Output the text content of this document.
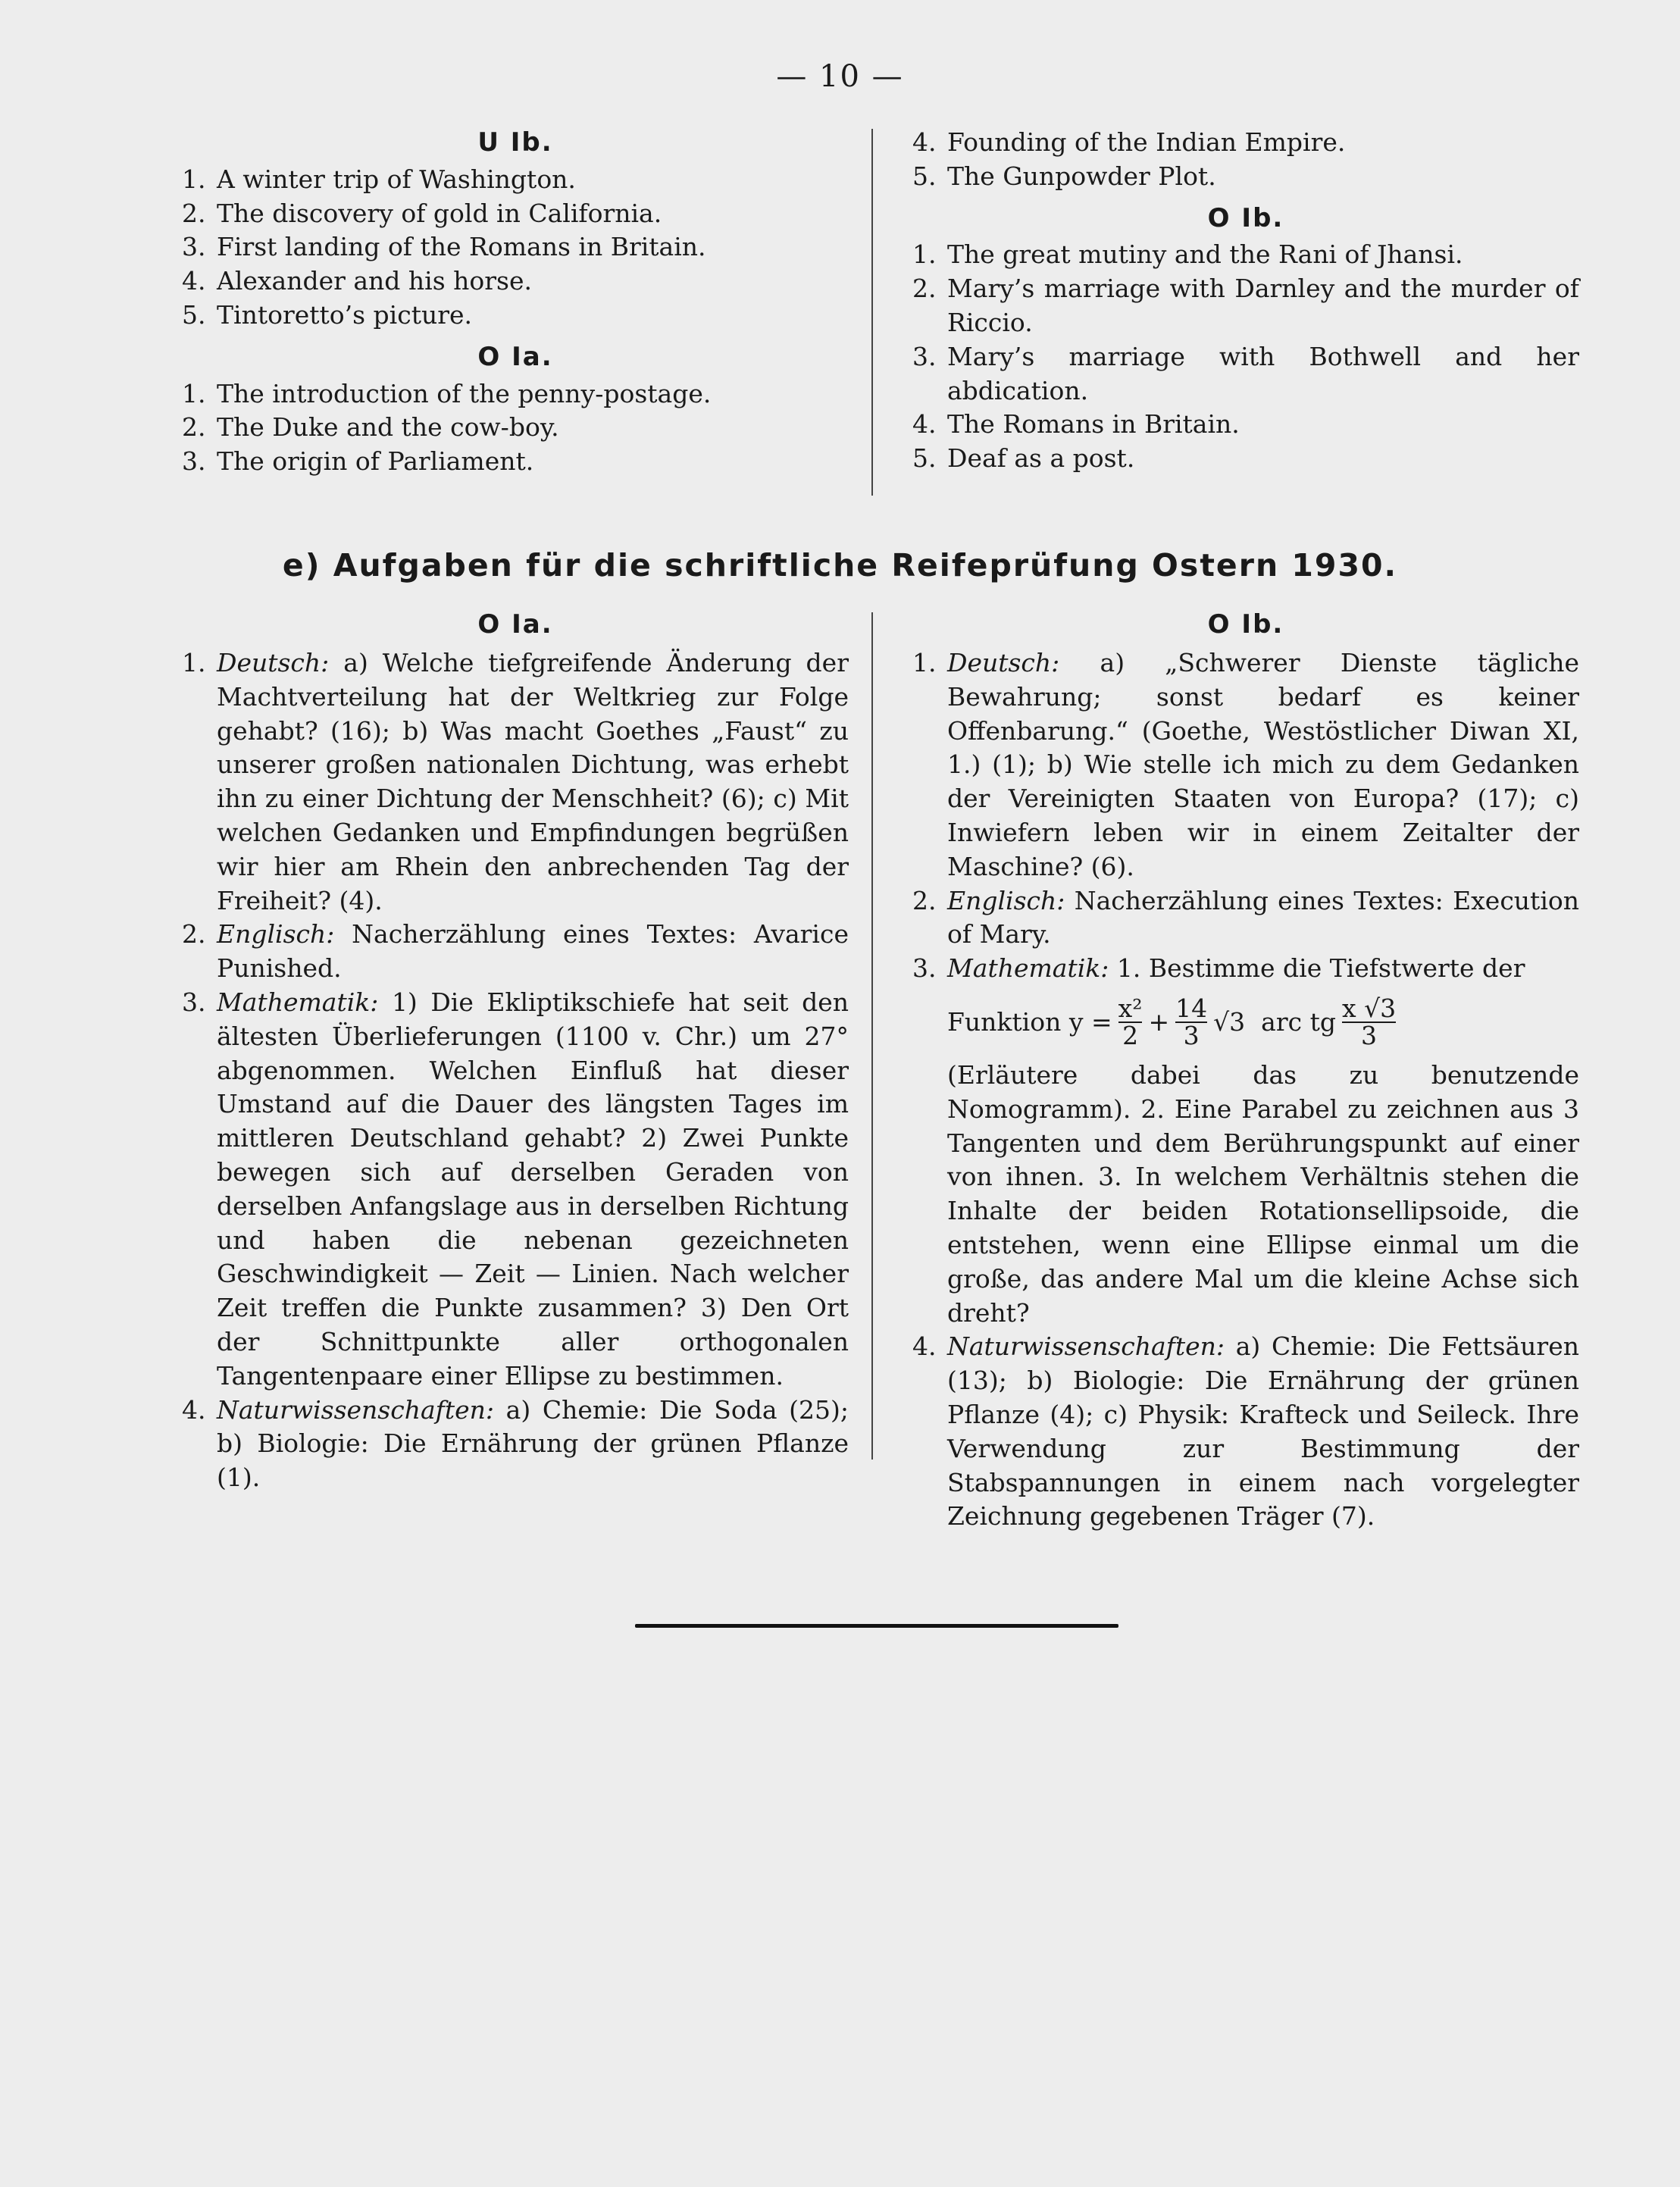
— 10 —
U Ib.
1. A winter trip of Washington.
2. The discovery of gold in California.
3. First landing of the Romans in Britain.
4. Alexander and his horse.
5. Tintoretto’s picture.
O Ia.
1. The introduction of the penny-postage.
2. The Duke and the cow-boy.
3. The origin of Parliament.
4. Founding of the Indian Empire.
5. The Gunpowder Plot.
O Ib.
1. The great mutiny and the Rani of Jhansi.
2. Mary’s marriage with Darnley and the murder of Riccio.
3. Mary’s marriage with Bothwell and her abdication.
4. The Romans in Britain.
5. Deaf as a post.
e) Aufgaben für die schriftliche Reifeprüfung Ostern 1930.
O Ia.	O Ib.
1. Deutsch: a) Welche tiefgreifende Änderung der Machtverteilung hat der Weltkrieg zur Folge gehabt? (16); b) Was macht Goethes „Faust“ zu unserer großen nationalen Dichtung, was erhebt ihn zu einer Dichtung der Menschheit? (6); c) Mit welchen Gedanken und Empfindungen begrüßen wir hier am Rhein den anbrechenden Tag der Freiheit? (4).
2. Englisch: Nacherzählung eines Textes: Avarice Punished.
3. Mathematik: 1) Die Ekliptikschiefe hat seit den ältesten Überlieferungen (1100 v. Chr.) um 27° abgenommen. Welchen Einfluß hat dieser Umstand auf die Dauer des längsten Tages im mittleren Deutschland gehabt? 2) Zwei Punkte bewegen sich auf derselben Geraden von derselben Anfangslage aus in derselben Richtung und haben die nebenan gezeichneten Geschwindigkeit — Zeit — Linien. Nach welcher Zeit treffen die Punkte zusammen? 3) Den Ort der Schnittpunkte aller orthogonalen Tangentenpaare einer Ellipse zu bestimmen.
4. Naturwissenschaften: a) Chemie: Die Soda (25); b) Biologie: Die Ernährung der grünen Pflanze (1).
1. Deutsch: a) „Schwerer Dienste tägliche Bewahrung; sonst bedarf es keiner Offenbarung.“ (Goethe, Westöstlicher Diwan XI, 1.) (1); b) Wie stelle ich mich zu dem Gedanken der Vereinigten Staaten von Europa? (17); c) Inwiefern leben wir in einem Zeitalter der Maschine? (6).
2. Englisch: Nacherzählung eines Textes: Execution of Mary.
3. Mathematik: 1. Bestimme die Tiefstwerte der
Funktion
$y = \frac{\text{x²}}{2} + \frac{14}{3} √3$
arc tg $\frac{x √3}{3}$
(Erläutere dabei das zu benutzende Nomogramm). 2. Eine Parabel zu zeichnen aus 3 Tangenten und dem Berührungspunkt auf einer von ihnen. 3. In welchem Verhältnis stehen die Inhalte der beiden Rotationsellipsoide, die entstehen, wenn eine Ellipse einmal um die große, das andere Mal um die kleine Achse sich dreht?
4. Naturwissenschaften: a) Chemie: Die Fettsäuren (13); b) Biologie: Die Ernährung der grünen Pflanze (4); c) Physik: Krafteck und Seileck. Ihre Verwendung zur Bestimmung der Stabspannungen in einem nach vorgelegter Zeichnung gegebenen Träger (7).
